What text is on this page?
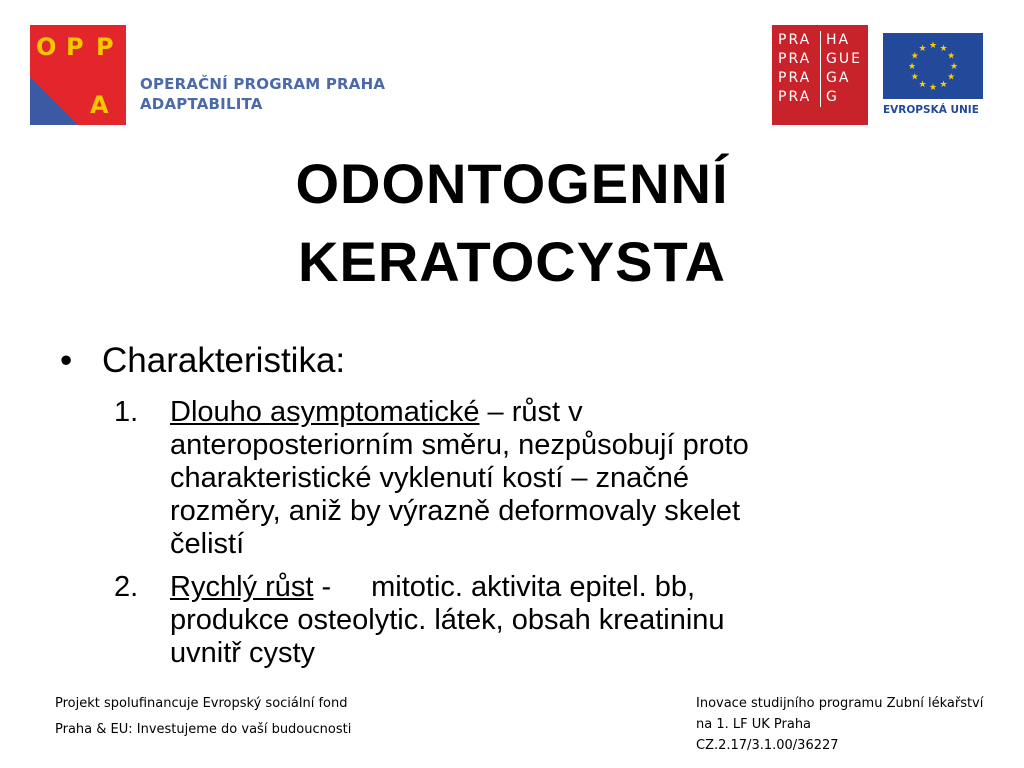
O P P
A
OPERAČNÍ PROGRAM PRAHA
ADAPTABILITA
PRA	HA
PRA	GUE
PRA	GA
PRA	G
★ ★
★
★
★
★
★
★
★
★
★
★
EVROPSKÁ UNIE
ODONTOGENNÍ
KERATOCYSTA
• Charakteristika:
1. Dlouho asymptomatické – růst v
anteroposteriorním směru, nezpůsobují proto
charakteristické vyklenutí kostí – značné
rozměry, aniž by výrazně deformovaly skelet
čelistí
2. Rychlý růst - mitotic. aktivita epitel. bb,
produkce osteolytic. látek, obsah kreatininu
uvnitř cysty
Projekt spolufinancuje Evropský sociální fond
Praha & EU: Investujeme do vaší budoucnosti
Inovace studijního programu Zubní lékařství
na 1. LF UK Praha
CZ.2.17/3.1.00/36227
